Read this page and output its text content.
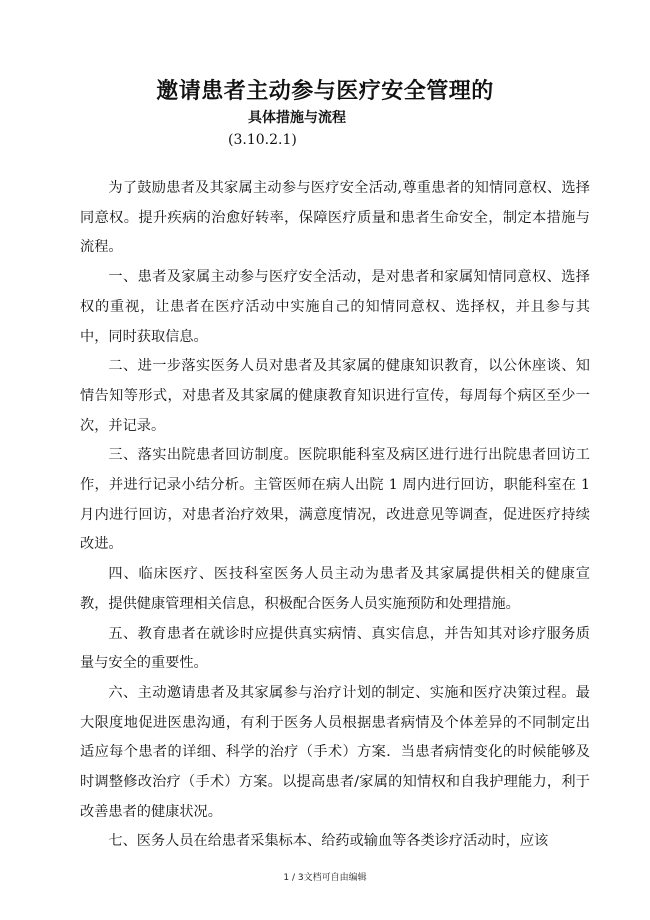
邀请患者主动参与医疗安全管理的
具体措施与流程
(3.10.2.1)

为了鼓励患者及其家属主动参与医疗安全活动,尊重患者的知情同意权、选择同意权。提升疾病的治愈好转率，保障医疗质量和患者生命安全，制定本措施与流程。

一、患者及家属主动参与医疗安全活动，是对患者和家属知情同意权、选择权的重视，让患者在医疗活动中实施自己的知情同意权、选择权，并且参与其中，同时获取信息。

二、进一步落实医务人员对患者及其家属的健康知识教育，以公休座谈、知情告知等形式，对患者及其家属的健康教育知识进行宣传，每周每个病区至少一次，并记录。

三、落实出院患者回访制度。医院职能科室及病区进行进行出院患者回访工作，并进行记录小结分析。主管医师在病人出院 1 周内进行回访，职能科室在 1 月内进行回访，对患者治疗效果，满意度情况，改进意见等调查，促进医疗持续改进。

四、临床医疗、医技科室医务人员主动为患者及其家属提供相关的健康宣教，提供健康管理相关信息，积极配合医务人员实施预防和处理措施。

五、教育患者在就诊时应提供真实病情、真实信息，并告知其对诊疗服务质量与安全的重要性。

六、主动邀请患者及其家属参与治疗计划的制定、实施和医疗决策过程。最大限度地促进医患沟通，有利于医务人员根据患者病情及个体差异的不同制定出适应每个患者的详细、科学的治疗（手术）方案．当患者病情变化的时候能够及时调整修改治疗（手术）方案。以提高患者/家属的知情权和自我护理能力，利于改善患者的健康状况。

七、医务人员在给患者采集标本、给药或输血等各类诊疗活动时，应该

1 / 3文档可自由编辑
